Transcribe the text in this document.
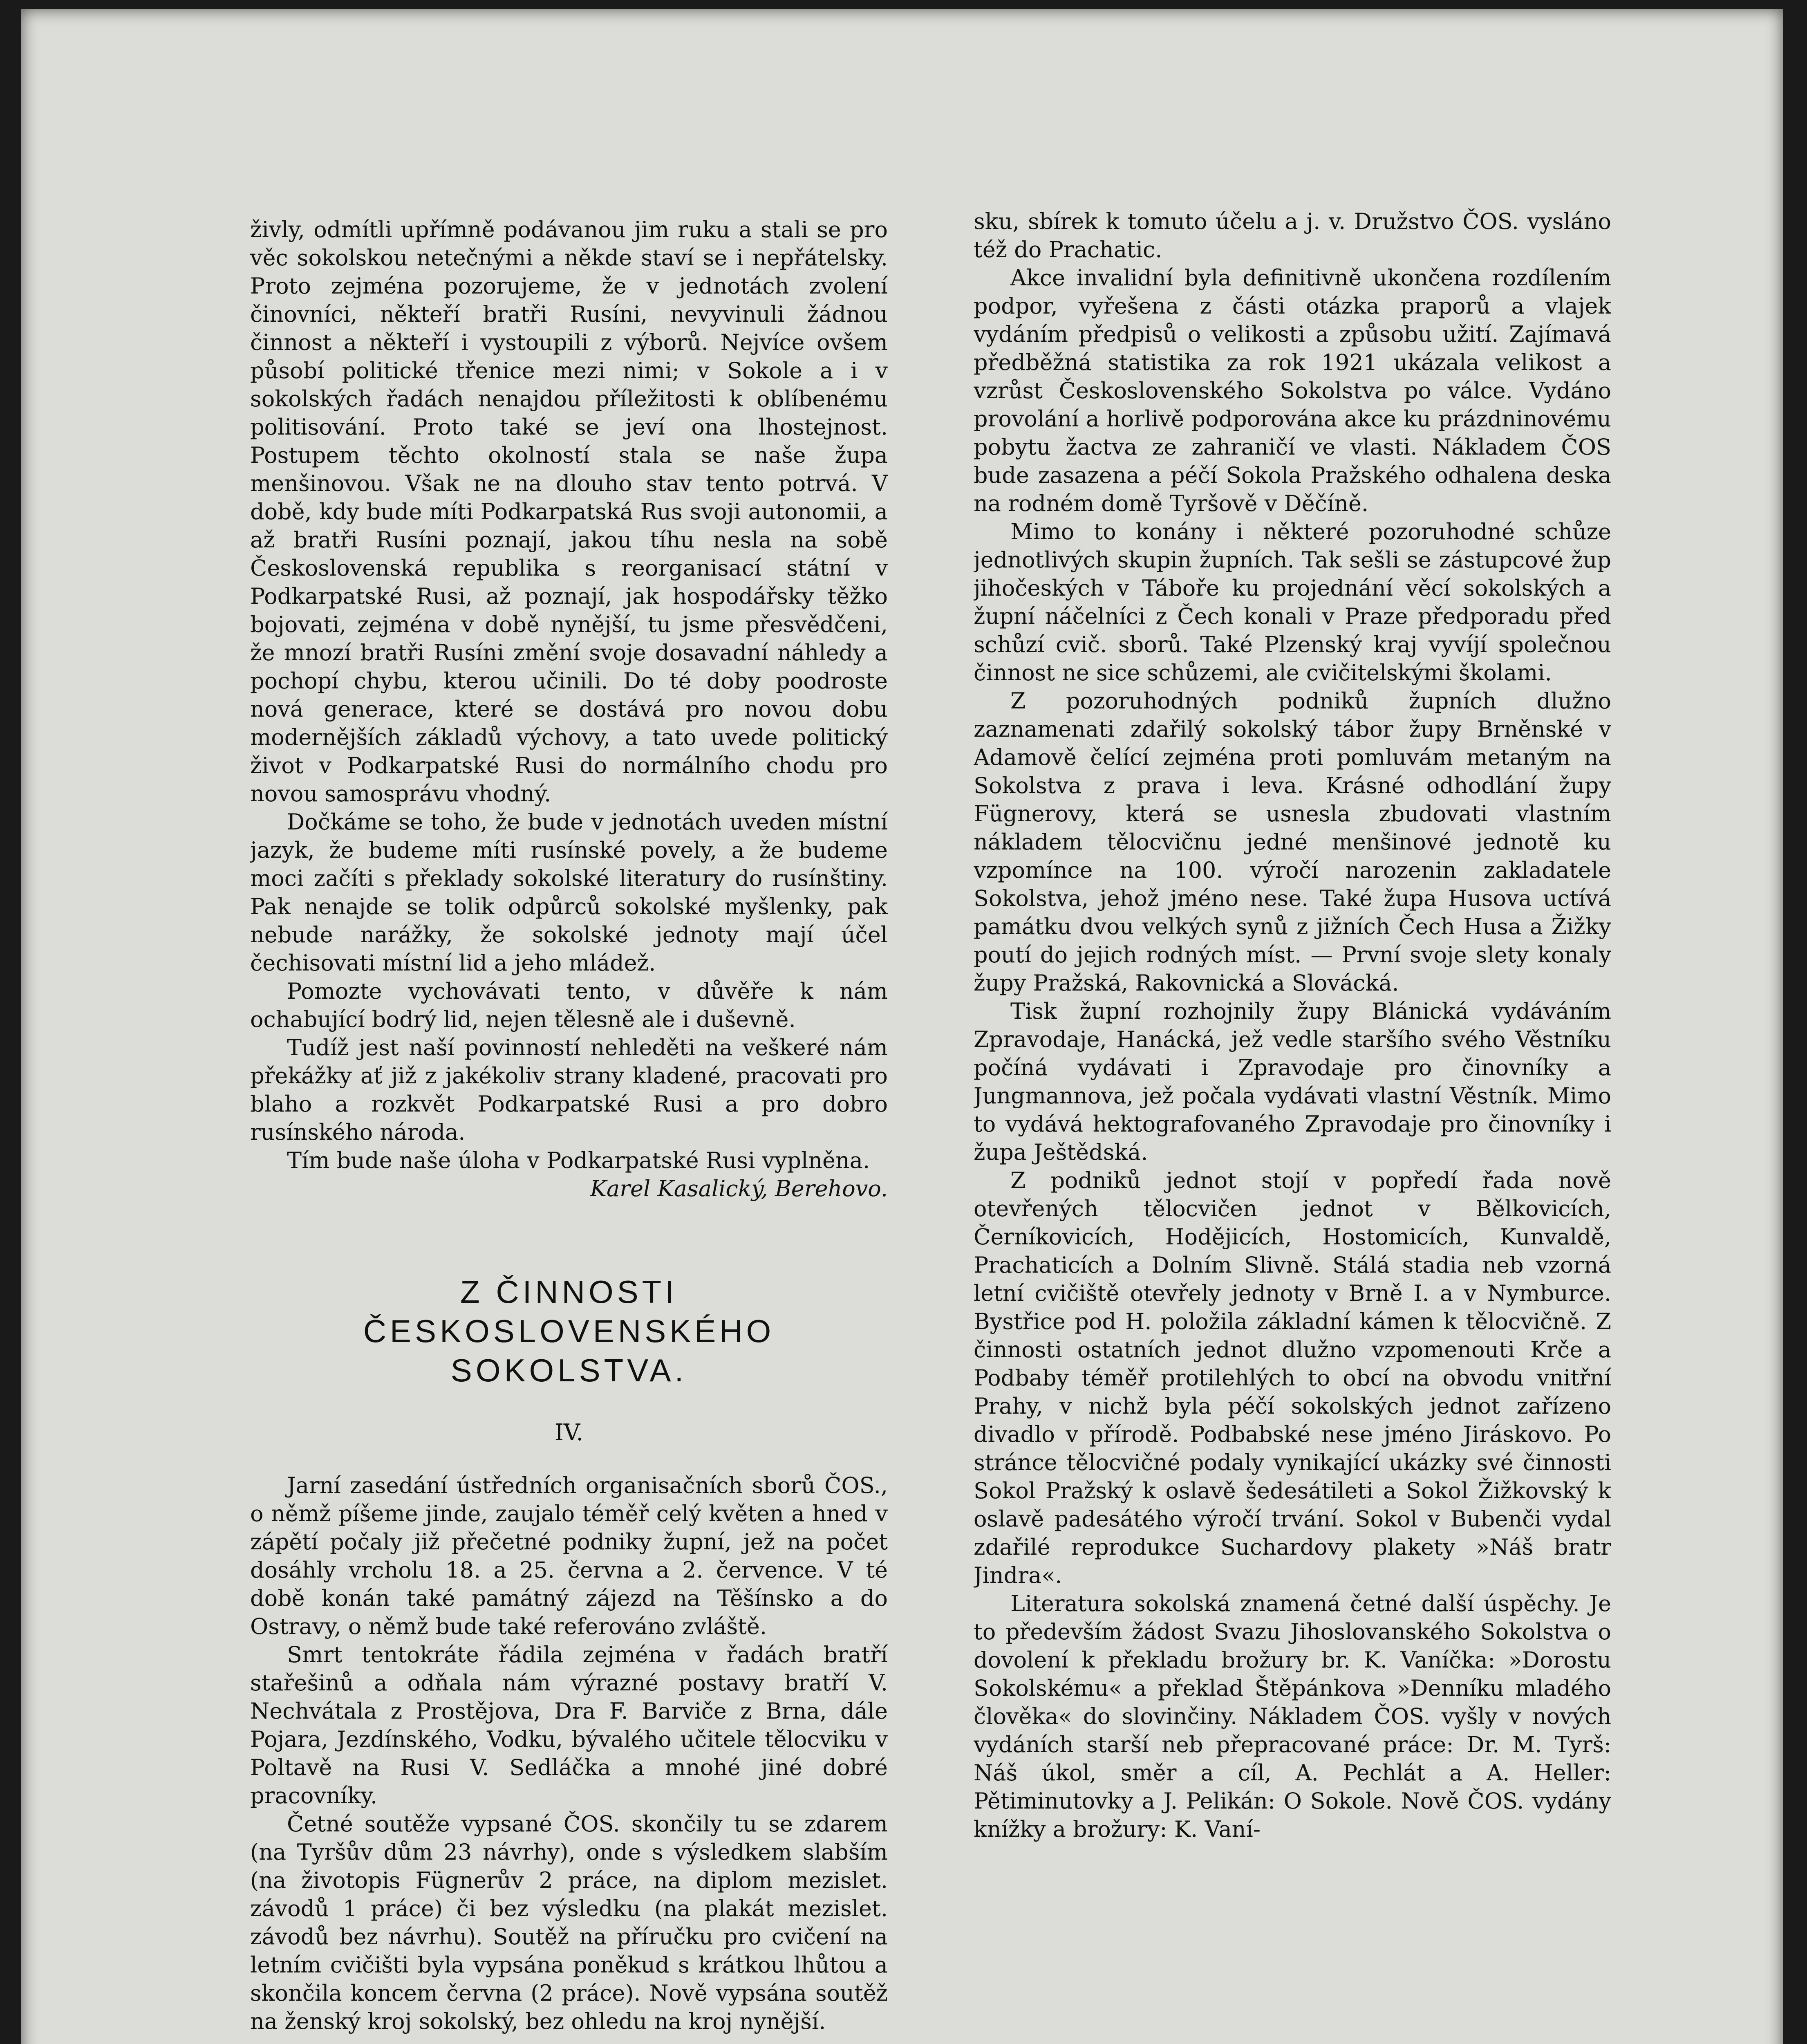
živly, odmítli upřímně podávanou jim ruku a stali se pro věc sokolskou netečnými a někde staví se i nepřátelsky. Proto zejména pozorujeme, že v jednotách zvolení činovníci, někteří bratři Rusíni, nevyvinuli žádnou činnost a někteří i vystoupili z výborů. Nejvíce ovšem působí politické třenice mezi nimi; v Sokole a i v sokolských řadách nenajdou příležitosti k oblíbenému politisování. Proto také se jeví ona lhostejnost. Postupem těchto okolností stala se naše župa menšinovou. Však ne na dlouho stav tento potrvá. V době, kdy bude míti Podkarpatská Rus svoji autonomii, a až bratři Rusíni poznají, jakou tíhu nesla na sobě Československá republika s reorganisací státní v Podkarpatské Rusi, až poznají, jak hospodářsky těžko bojovati, zejména v době nynější, tu jsme přesvědčeni, že mnozí bratři Rusíni změní svoje dosavadní náhledy a pochopí chybu, kterou učinili. Do té doby poodroste nová generace, které se dostává pro novou dobu modernějších základů výchovy, a tato uvede politický život v Podkarpatské Rusi do normálního chodu pro novou samosprávu vhodný.

Dočkáme se toho, že bude v jednotách uveden místní jazyk, že budeme míti rusínské povely, a že budeme moci začíti s překlady sokolské literatury do rusínštiny. Pak nenajde se tolik odpůrců sokolské myšlenky, pak nebude narážky, že sokolské jednoty mají účel čechisovati místní lid a jeho mládež.

Pomozte vychovávati tento, v důvěře k nám ochabující bodrý lid, nejen tělesně ale i duševně.

Tudíž jest naší povinností nehleděti na veškeré nám překážky ať již z jakékoliv strany kladené, pracovati pro blaho a rozkvět Podkarpatské Rusi a pro dobro rusínského národa.

Tím bude naše úloha v Podkarpatské Rusi vyplněna.

Karel Kasalický, Berehovo.

Z ČINNOSTI ČESKOSLOVENSKÉHO SOKOLSTVA.
IV.

Jarní zasedání ústředních organisačních sborů ČOS., o němž píšeme jinde, zaujalo téměř celý květen a hned v zápětí počaly již přečetné podniky župní, jež na počet dosáhly vrcholu 18. a 25. června a 2. července. V té době konán také památný zájezd na Těšínsko a do Ostravy, o němž bude také referováno zvláště.

Smrt tentokráte řádila zejména v řadách bratří stařešinů a odňala nám výrazné postavy bratří V. Nechvátala z Prostějova, Dra F. Barviče z Brna, dále Pojara, Jezdínského, Vodku, bývalého učitele tělocviku v Poltavě na Rusi V. Sedláčka a mnohé jiné dobré pracovníky.

Četné soutěže vypsané ČOS. skončily tu se zdarem (na Tyršův dům 23 návrhy), onde s výsledkem slabším (na životopis Fügnerův 2 práce, na diplom mezislet. závodů 1 práce) či bez výsledku (na plakát mezislet. závodů bez návrhu). Soutěž na příručku pro cvičení na letním cvičišti byla vypsána poněkud s krátkou lhůtou a skončila koncem června (2 práce). Nově vypsána soutěž na ženský kroj sokolský, bez ohledu na kroj nynější.

sku, sbírek k tomuto účelu a j. v. Družstvo ČOS. vysláno též do Prachatic.

Akce invalidní byla definitivně ukončena rozdílením podpor, vyřešena z části otázka praporů a vlajek vydáním předpisů o velikosti a způsobu užití. Zajímavá předběžná statistika za rok 1921 ukázala velikost a vzrůst Československého Sokolstva po válce. Vydáno provolání a horlivě podporována akce ku prázdninovému pobytu žactva ze zahraničí ve vlasti. Nákladem ČOS bude zasazena a péčí Sokola Pražského odhalena deska na rodném domě Tyršově v Děčíně.

Mimo to konány i některé pozoruhodné schůze jednotlivých skupin župních. Tak sešli se zástupcové žup jihočeských v Táboře ku projednání věcí sokolských a župní náčelníci z Čech konali v Praze předporadu před schůzí cvič. sborů. Také Plzenský kraj vyvíjí společnou činnost ne sice schůzemi, ale cvičitelskými školami.

Z pozoruhodných podniků župních dlužno zaznamenati zdařilý sokolský tábor župy Brněnské v Adamově čelící zejména proti pomluvám metaným na Sokolstva z prava i leva. Krásné odhodlání župy Fügnerovy, která se usnesla zbudovati vlastním nákladem tělocvičnu jedné menšinové jednotě ku vzpomínce na 100. výročí narozenin zakladatele Sokolstva, jehož jméno nese. Také župa Husova uctívá památku dvou velkých synů z jižních Čech Husa a Žižky poutí do jejich rodných míst. — První svoje slety konaly župy Pražská, Rakovnická a Slovácká.

Tisk župní rozhojnily župy Blánická vydáváním Zpravodaje, Hanácká, jež vedle staršího svého Věstníku počíná vydávati i Zpravodaje pro činovníky a Jungmannova, jež počala vydávati vlastní Věstník. Mimo to vydává hektografovaného Zpravodaje pro činovníky i župa Ještědská.

Z podniků jednot stojí v popředí řada nově otevřených tělocvičen jednot v Bělkovicích, Černíkovicích, Hodějicích, Hostomicích, Kunvaldě, Prachaticích a Dolním Slivně. Stálá stadia neb vzorná letní cvičiště otevřely jednoty v Brně I. a v Nymburce. Bystřice pod H. položila základní kámen k tělocvičně. Z činnosti ostatních jednot dlužno vzpomenouti Krče a Podbaby téměř protilehlých to obcí na obvodu vnitřní Prahy, v nichž byla péčí sokolských jednot zařízeno divadlo v přírodě. Podbabské nese jméno Jiráskovo. Po stránce tělocvičné podaly vynikající ukázky své činnosti Sokol Pražský k oslavě šedesátileti a Sokol Žižkovský k oslavě padesátého výročí trvání. Sokol v Bubenči vydal zdařilé reprodukce Suchardovy plakety »Náš bratr Jindra«.

Literatura sokolská znamená četné další úspěchy. Je to především žádost Svazu Jihoslovanského Sokolstva o dovolení k překladu brožury br. K. Vaníčka: »Dorostu Sokolskému« a překlad Štěpánkova »Denníku mladého člověka« do slovinčiny. Nákladem ČOS. vyšly v nových vydáních starší neb přepracované práce: Dr. M. Tyrš: Náš úkol, směr a cíl, A. Pechlát a A. Heller: Pětiminutovky a J. Pelikán: O Sokole. Nově ČOS. vydány knížky a brožury: K. Vaní-
